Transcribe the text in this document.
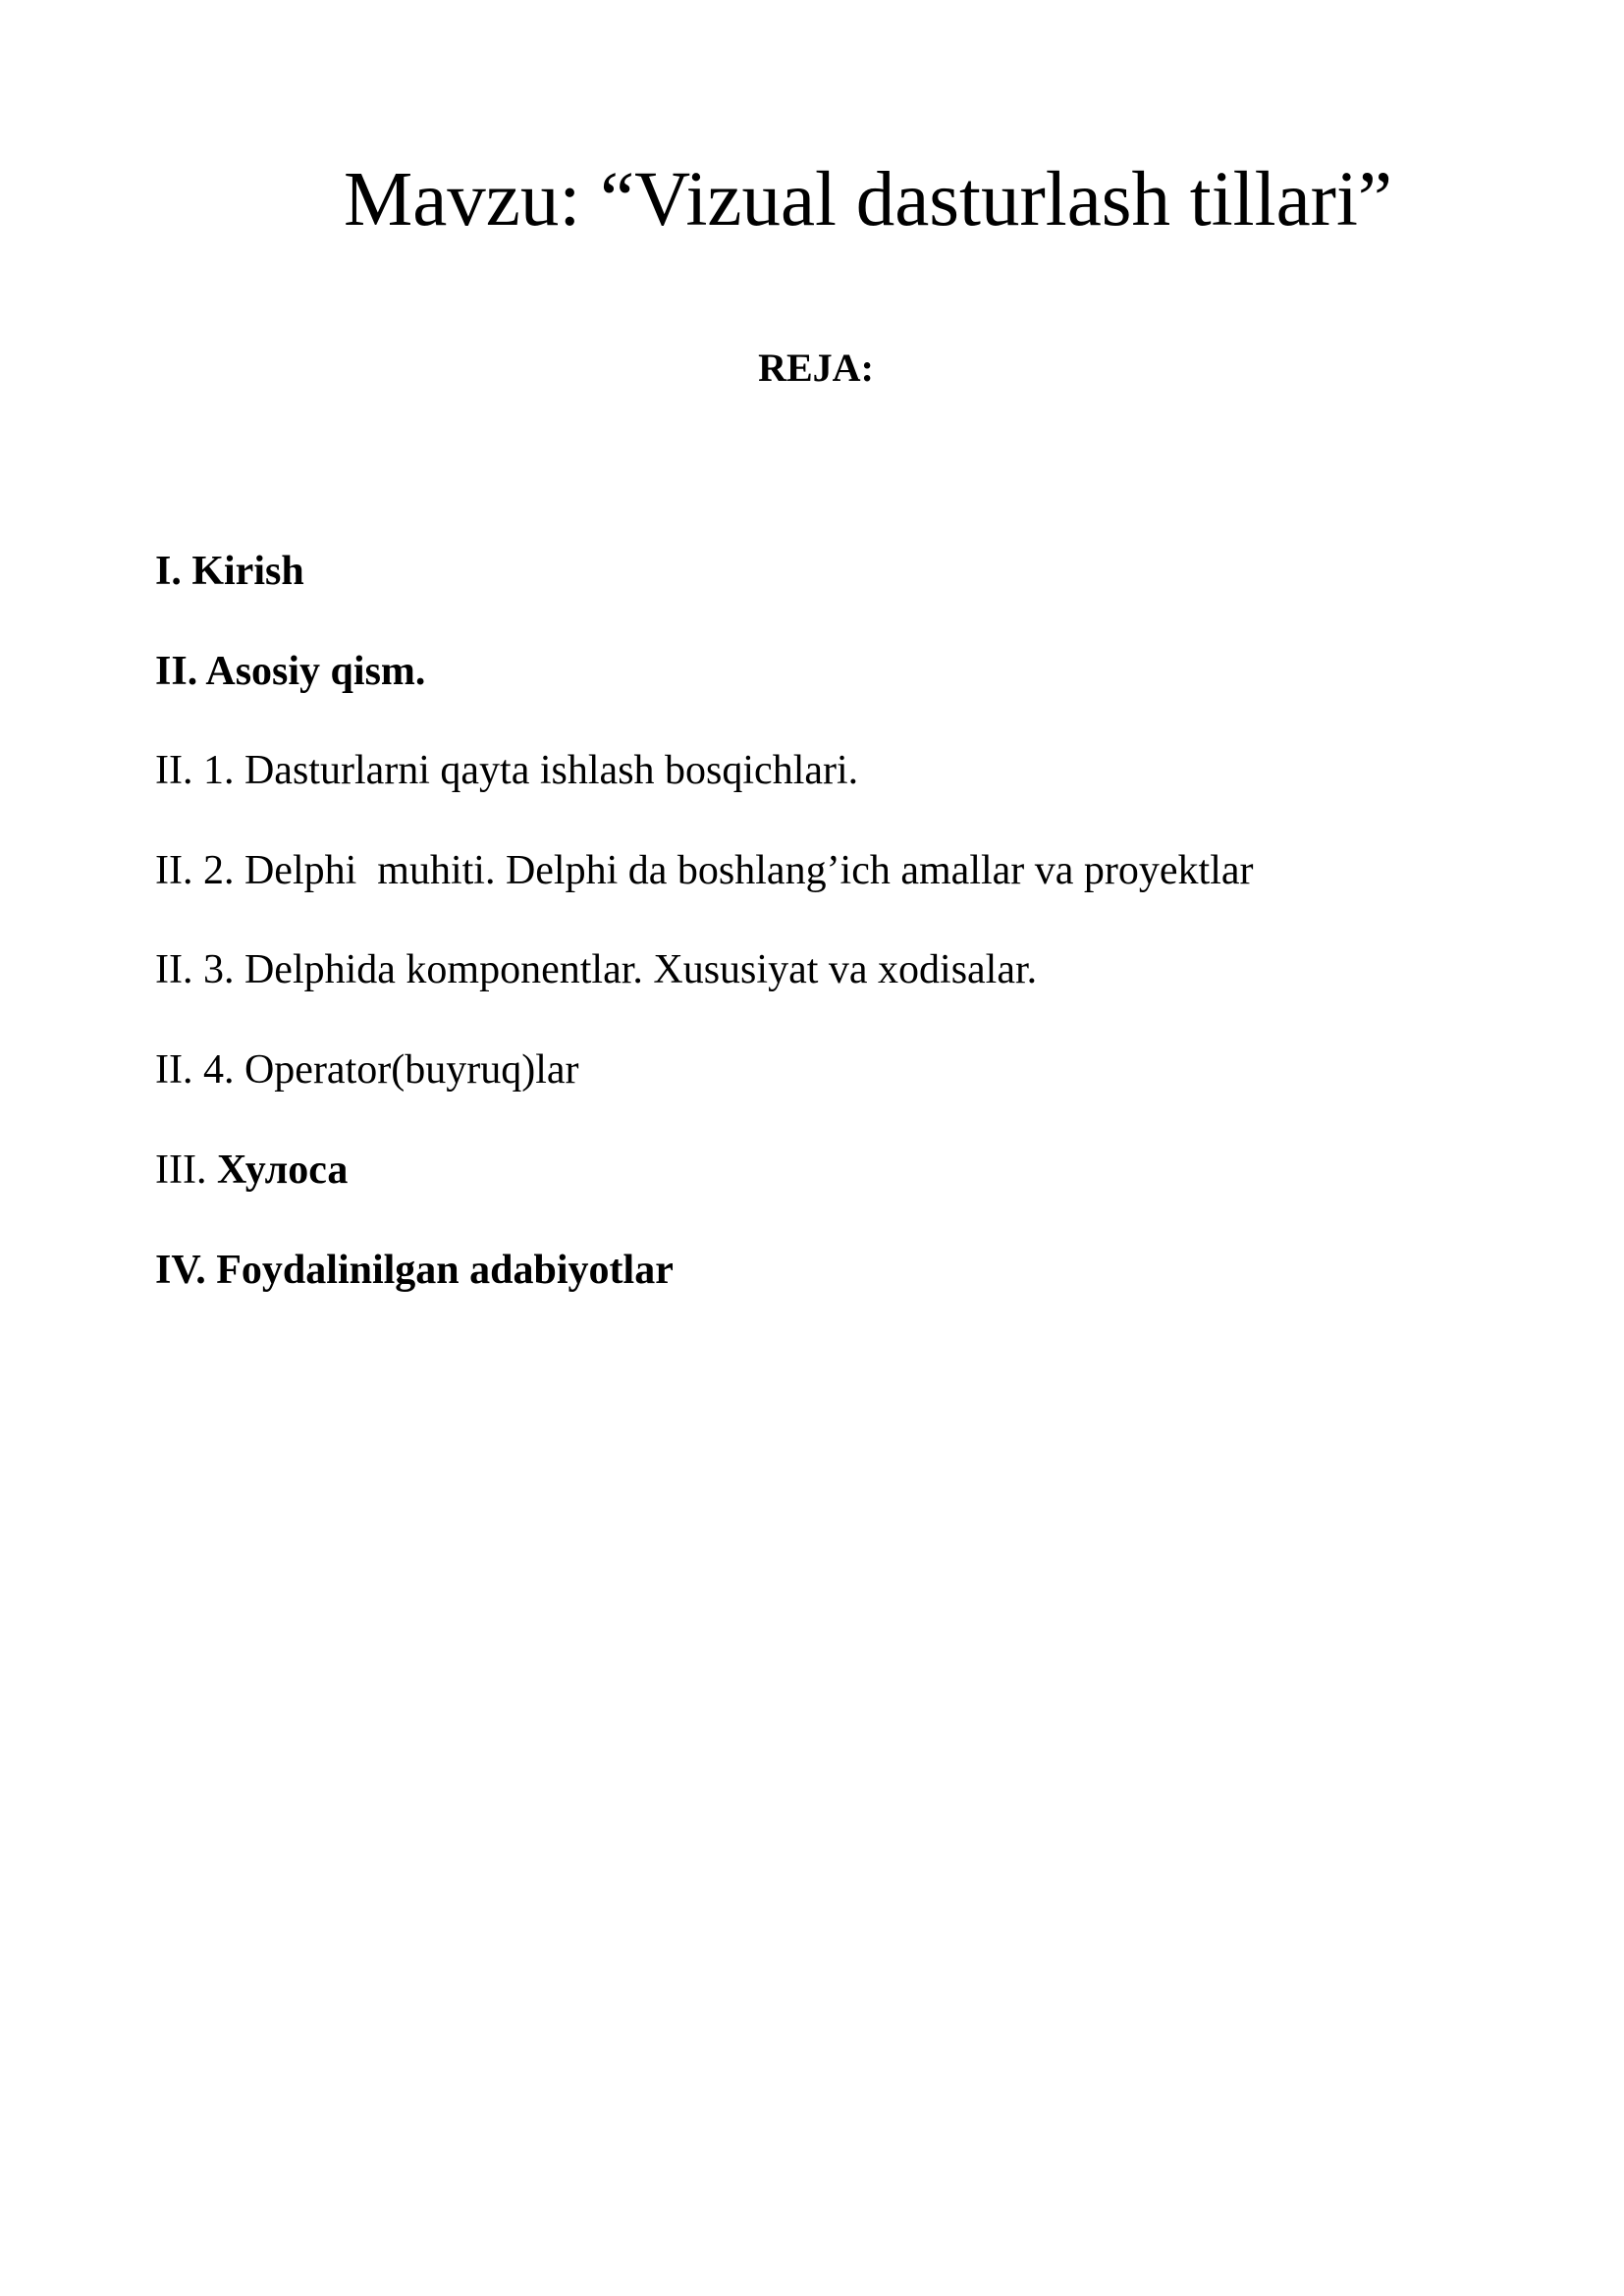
Mavzu: “Vizual dasturlash tillari”
REJA:
I. Kirish
II. Asosiy qism.
II. 1. Dasturlarni qayta ishlash bosqichlari.
II. 2. Delphi  muhiti. Delphi da boshlang’ich amallar va proyektlar
II. 3. Delphida komponentlar. Xususiyat va xodisalar.
II. 4. Operator(buyruq)lar
III. Хулоса
IV. Foydalinilgan adabiyotlar
